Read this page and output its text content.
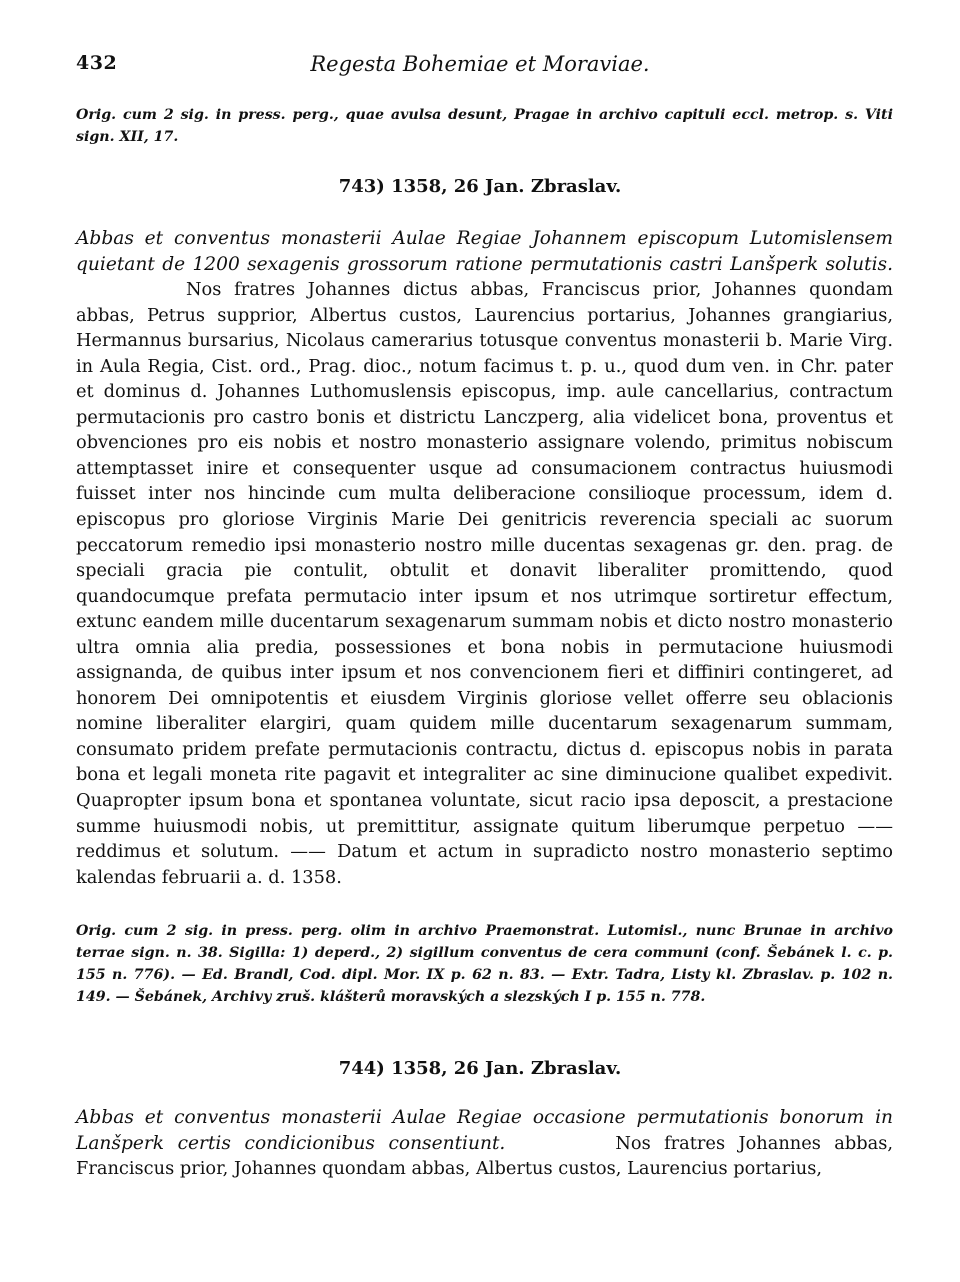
432	Regesta Bohemiae et Moraviae.
Orig. cum 2 sig. in press. perg., quae avulsa desunt, Pragae in archivo capituli eccl. metrop. s. Viti sign. XII, 17.
743) 1358, 26 Jan. Zbraslav.
Abbas et conventus monasterii Aulae Regiae Johannem episcopum Lutomislensem quietant de 1200 sexagenis grossorum ratione permutationis castri Lanšperk solutis.Nos fratres Johannes dictus abbas, Franciscus prior, Johannes quondam abbas, Petrus supprior, Albertus custos, Laurencius portarius, Johannes grangiarius, Hermannus bursarius, Nicolaus camerarius totusque conventus monasterii b. Marie Virg. in Aula Regia, Cist. ord., Prag. dioc., notum facimus t. p. u., quod dum ven. in Chr. pater et dominus d. Johannes Luthomuslensis episcopus, imp. aule cancellarius, contractum permutacionis pro castro bonis et districtu Lanczperg, alia videlicet bona, proventus et obvenciones pro eis nobis et nostro monasterio assignare volendo, primitus nobiscum attemptasset inire et consequenter usque ad consumacionem contractus huiusmodi fuisset inter nos hincinde cum multa deliberacione consilioque processum, idem d. episcopus pro gloriose Virginis Marie Dei genitricis reverencia speciali ac suorum peccatorum remedio ipsi monasterio nostro mille ducentas sexagenas gr. den. prag. de speciali gracia pie contulit, obtulit et donavit liberaliter promittendo, quod quandocumque prefata permutacio inter ipsum et nos utrimque sortiretur effectum, extunc eandem mille ducentarum sexagenarum summam nobis et dicto nostro monasterio ultra omnia alia predia, possessiones et bona nobis in permutacione huiusmodi assignanda, de quibus inter ipsum et nos convencionem fieri et diffiniri contingeret, ad honorem Dei omnipotentis et eiusdem Virginis gloriose vellet offerre seu oblacionis nomine liberaliter elargiri, quam quidem mille ducentarum sexagenarum summam, consumato pridem prefate permutacionis contractu, dictus d. episcopus nobis in parata bona et legali moneta rite pagavit et integraliter ac sine diminucione qualibet expedivit. Quapropter ipsum bona et spontanea voluntate, sicut racio ipsa deposcit, a prestacione summe huiusmodi nobis, ut premittitur, assignate quitum liberumque perpetuo —— reddimus et solutum. —— Datum et actum in supradicto nostro monasterio septimo kalendas februarii a. d. 1358.
Orig. cum 2 sig. in press. perg. olim in archivo Praemonstrat. Lutomisl., nunc Brunae in archivo terrae sign. n. 38. Sigilla: 1) deperd., 2) sigillum conventus de cera communi (conf. Šebánek l. c. p. 155 n. 776). — Ed. Brandl, Cod. dipl. Mor. IX p. 62 n. 83. — Extr. Tadra, Listy kl. Zbraslav. p. 102 n. 149. — Šebánek, Archivy zruš. klášterů moravských a slezských I p. 155 n. 778.
744) 1358, 26 Jan. Zbraslav.
Abbas et conventus monasterii Aulae Regiae occasione permutationis bonorum in Lanšperk certis condicionibus consentiunt.	Nos fratres Johannes abbas, Franciscus prior, Johannes quondam abbas, Albertus custos, Laurencius portarius,
